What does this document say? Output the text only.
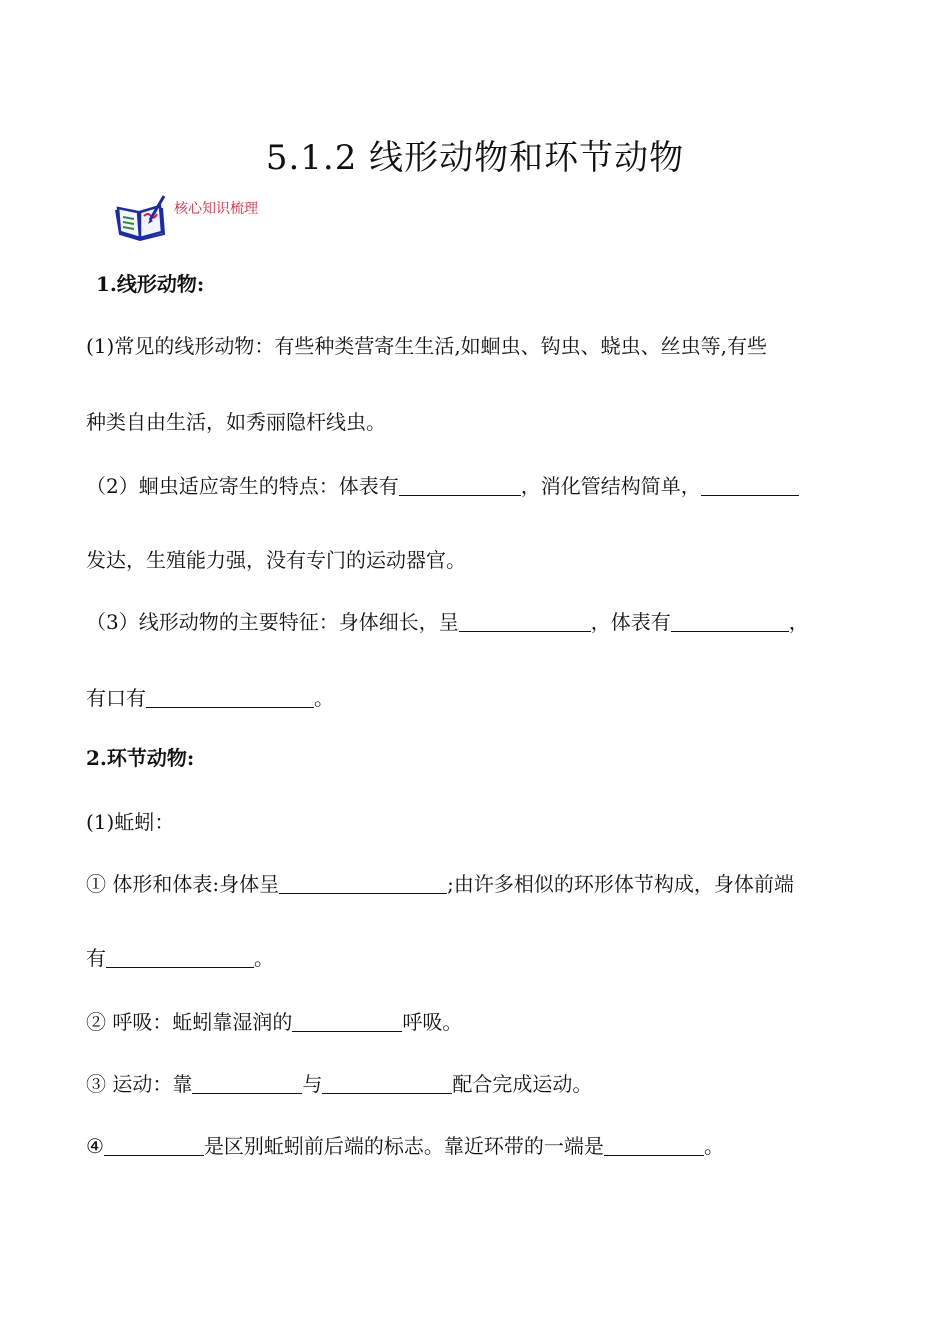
5.1.2 线形动物和环节动物
核心知识梳理
1.线形动物:
(1)常见的线形动物：有些种类营寄生生活,如蛔虫、钩虫、蛲虫、丝虫等,有些
种类自由生活，如秀丽隐杆线虫。
（2）蛔虫适应寄生的特点：体表有	，消化管结构简单，
发达，生殖能力强，没有专门的运动器官。
（3）线形动物的主要特征：身体细长，呈	，体表有	，
有口有	。
2.环节动物:
(1)蚯蚓：
① 体形和体表:身体呈	;由许多相似的环形体节构成，身体前端
有	。
② 呼吸：蚯蚓靠湿润的	呼吸。
③ 运动：靠	与	配合完成运动。
④	是区别蚯蚓前后端的标志。靠近环带的一端是	。
